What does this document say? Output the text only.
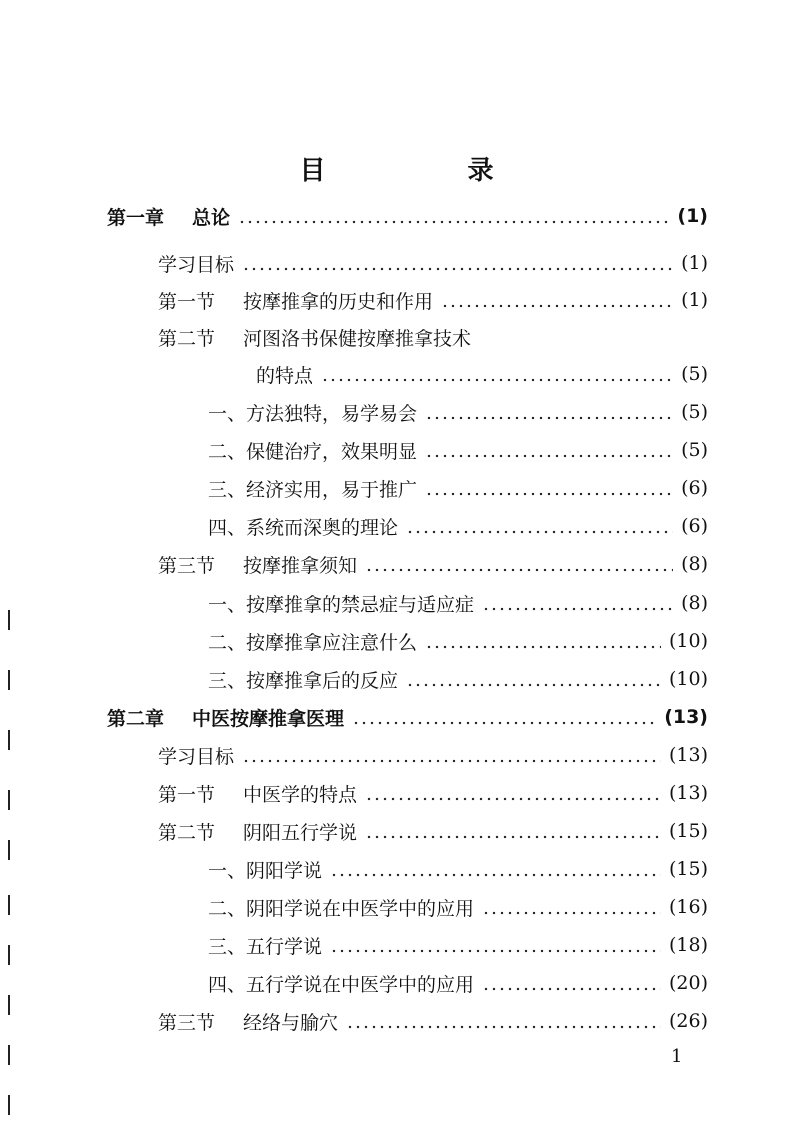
目　录
第一章 总论	(1)
学习目标	(1)
第一节 按摩推拿的历史和作用	(1)
第二节 河图洛书保健按摩推拿技术
的特点	(5)
一、方法独特，易学易会	(5)
二、保健治疗，效果明显	(5)
三、经济实用，易于推广	(6)
四、系统而深奥的理论	(6)
第三节 按摩推拿须知	(8)
一、按摩推拿的禁忌症与适应症	(8)
二、按摩推拿应注意什么	(10)
三、按摩推拿后的反应	(10)
第二章 中医按摩推拿医理	(13)
学习目标	(13)
第一节 中医学的特点	(13)
第二节 阴阳五行学说	(15)
一、阴阳学说	(15)
二、阴阳学说在中医学中的应用	(16)
三、五行学说	(18)
四、五行学说在中医学中的应用	(20)
第三节 经络与腧穴	(26)
1
